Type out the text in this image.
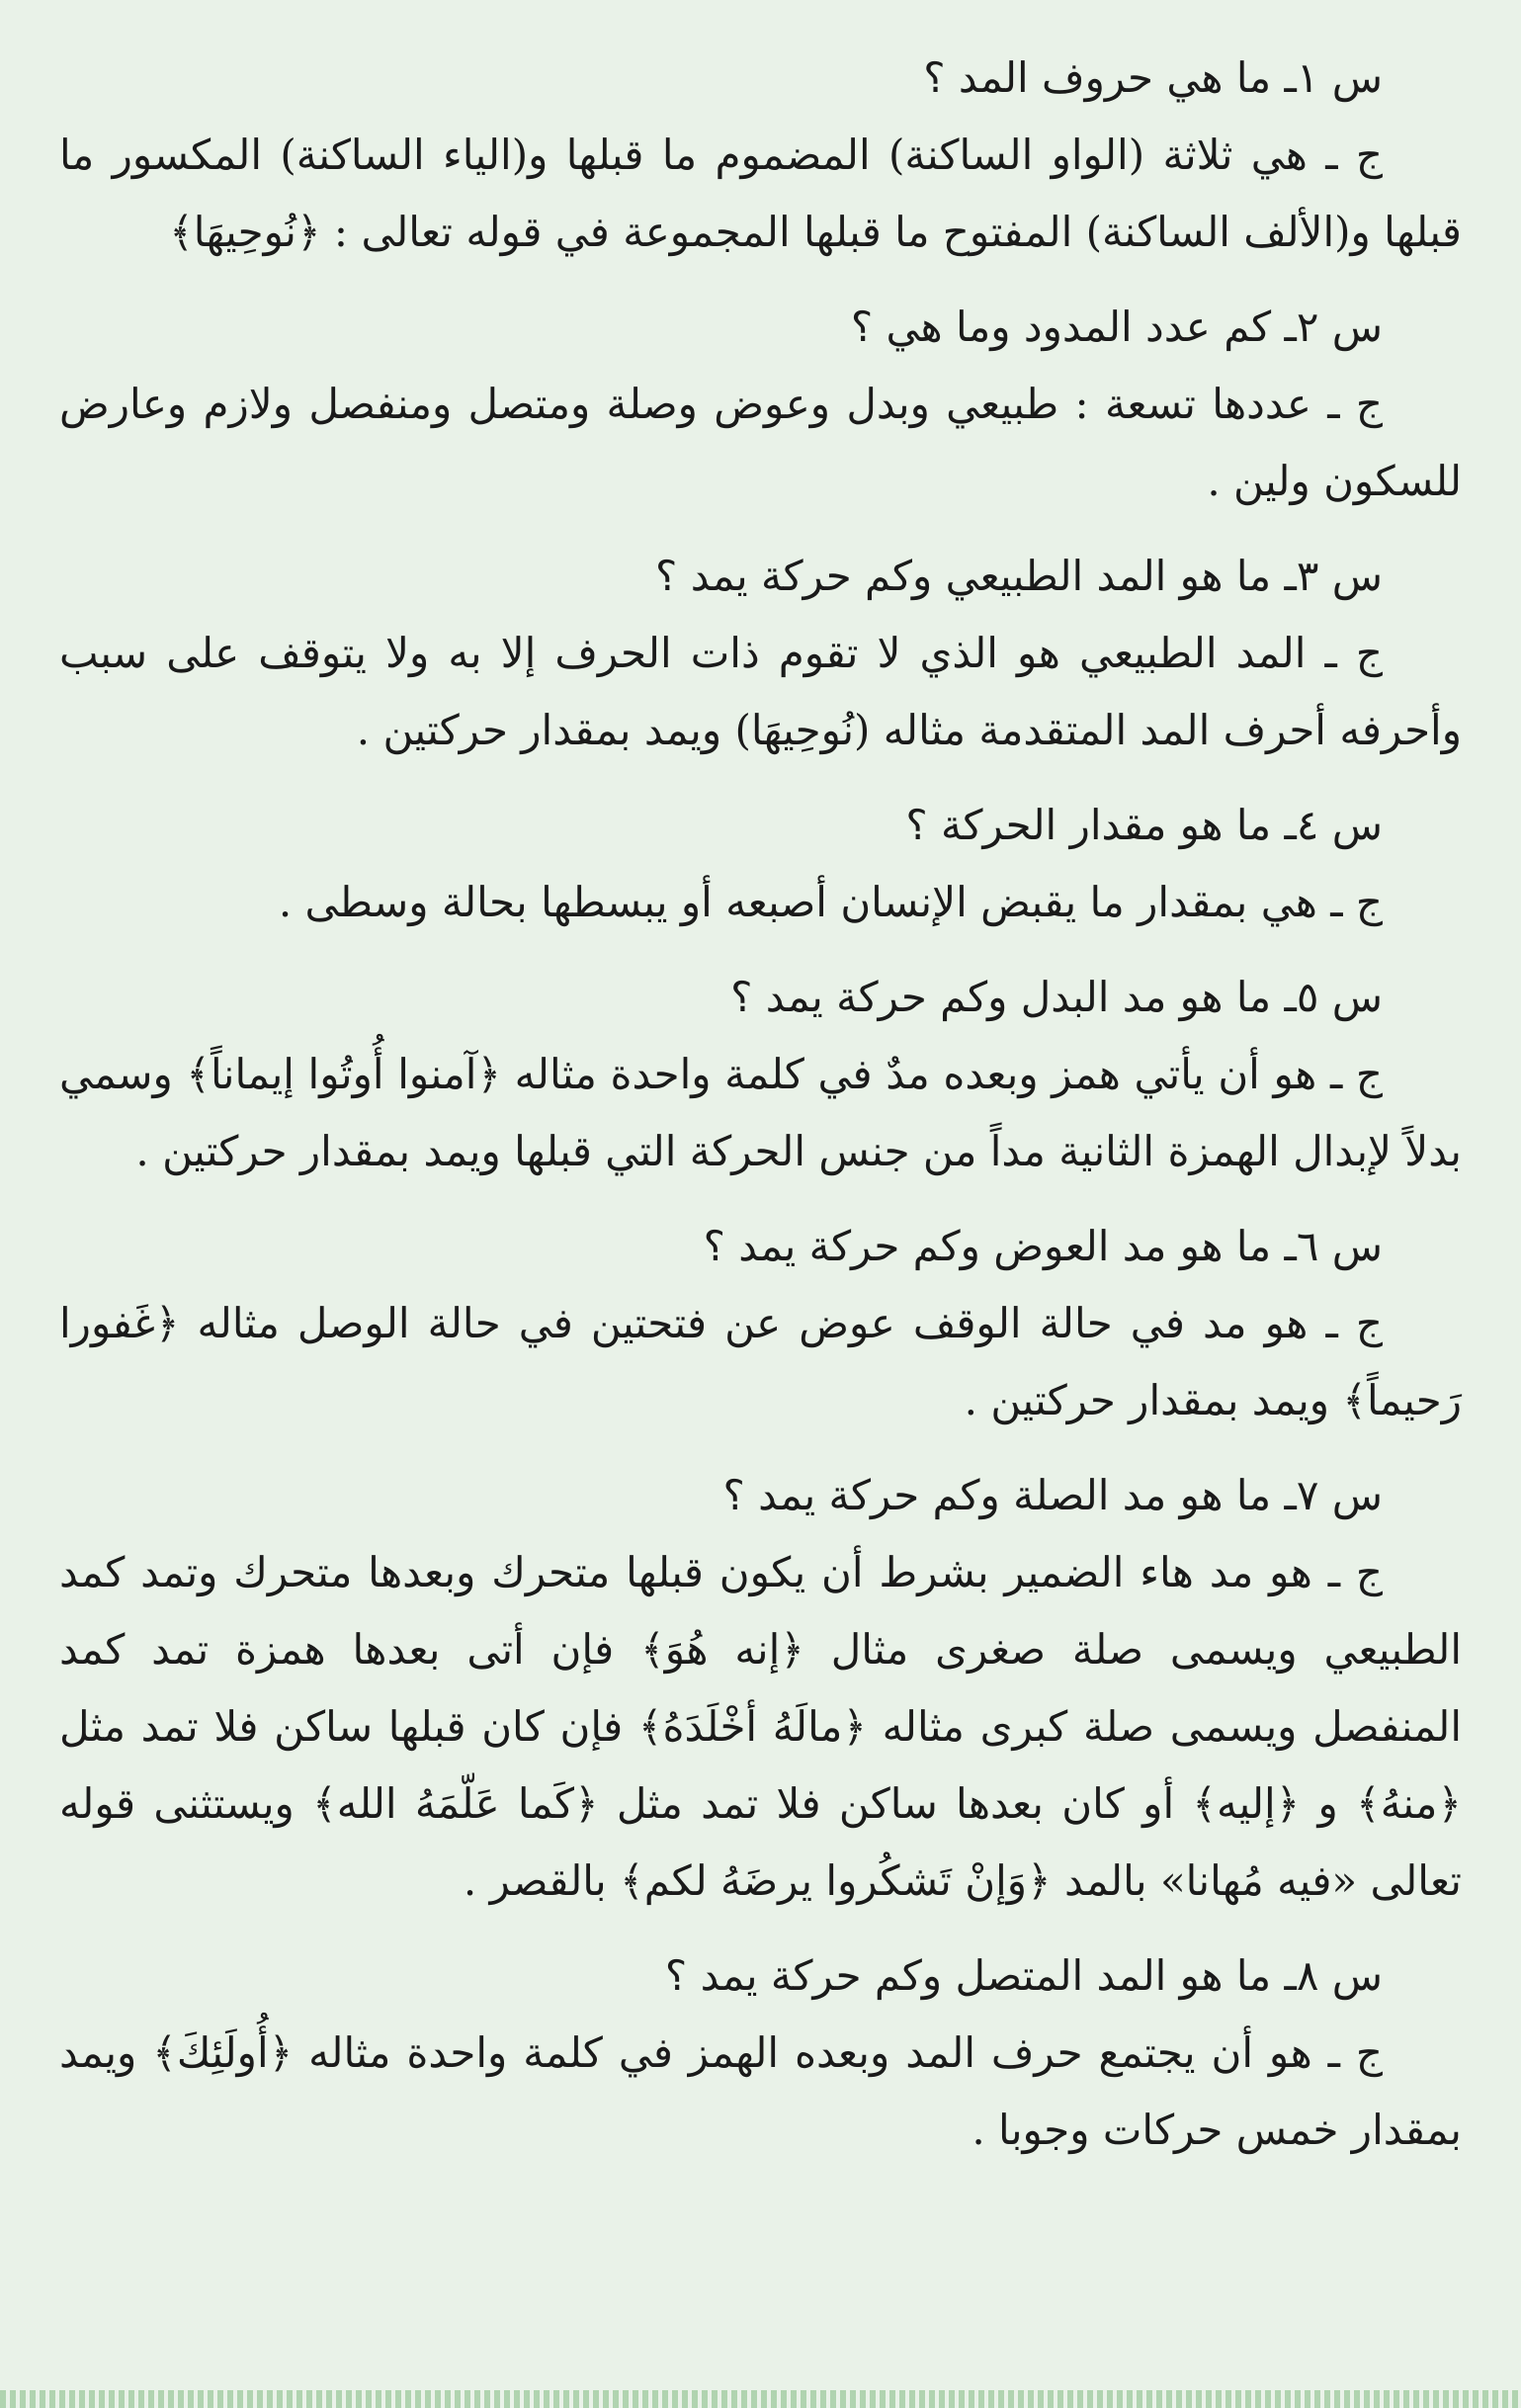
س ١ـ ما هي حروف المد ؟

ج ـ هي ثلاثة (الواو الساكنة) المضموم ما قبلها و(الياء الساكنة) المكسور ما قبلها و(الألف الساكنة) المفتوح ما قبلها المجموعة في قوله تعالى : ﴿نُوحِيهَا﴾

س ٢ـ كم عدد المدود وما هي ؟

ج ـ عددها تسعة : طبيعي وبدل وعوض وصلة ومتصل ومنفصل ولازم وعارض للسكون ولين .

س ٣ـ ما هو المد الطبيعي وكم حركة يمد ؟

ج ـ المد الطبيعي هو الذي لا تقوم ذات الحرف إلا به ولا يتوقف على سبب وأحرفه أحرف المد المتقدمة مثاله (نُوحِيهَا) ويمد بمقدار حركتين .

س ٤ـ ما هو مقدار الحركة ؟

ج ـ هي بمقدار ما يقبض الإنسان أصبعه أو يبسطها بحالة وسطى .

س ٥ـ ما هو مد البدل وكم حركة يمد ؟

ج ـ هو أن يأتي همز وبعده مدٌ في كلمة واحدة مثاله ﴿آمنوا أُوتُوا إيماناً﴾ وسمي بدلاً لإبدال الهمزة الثانية مداً من جنس الحركة التي قبلها ويمد بمقدار حركتين .

س ٦ـ ما هو مد العوض وكم حركة يمد ؟

ج ـ هو مد في حالة الوقف عوض عن فتحتين في حالة الوصل مثاله ﴿غَفورا رَحيماً﴾ ويمد بمقدار حركتين .

س ٧ـ ما هو مد الصلة وكم حركة يمد ؟

ج ـ هو مد هاء الضمير بشرط أن يكون قبلها متحرك وبعدها متحرك وتمد كمد الطبيعي ويسمى صلة صغرى مثال ﴿إنه هُوَ﴾ فإن أتى بعدها همزة تمد كمد المنفصل ويسمى صلة كبرى مثاله ﴿مالَهُ أخْلَدَهُ﴾ فإن كان قبلها ساكن فلا تمد مثل ﴿منهُ﴾ و ﴿إليه﴾ أو كان بعدها ساكن فلا تمد مثل ﴿كَما عَلّمَهُ الله﴾ ويستثنى قوله تعالى «فيه مُهانا» بالمد ﴿وَإنْ تَشكُروا يرضَهُ لكم﴾ بالقصر .

س ٨ـ ما هو المد المتصل وكم حركة يمد ؟

ج ـ هو أن يجتمع حرف المد وبعده الهمز في كلمة واحدة مثاله ﴿أُولَئِكَ﴾ ويمد بمقدار خمس حركات وجوبا .
